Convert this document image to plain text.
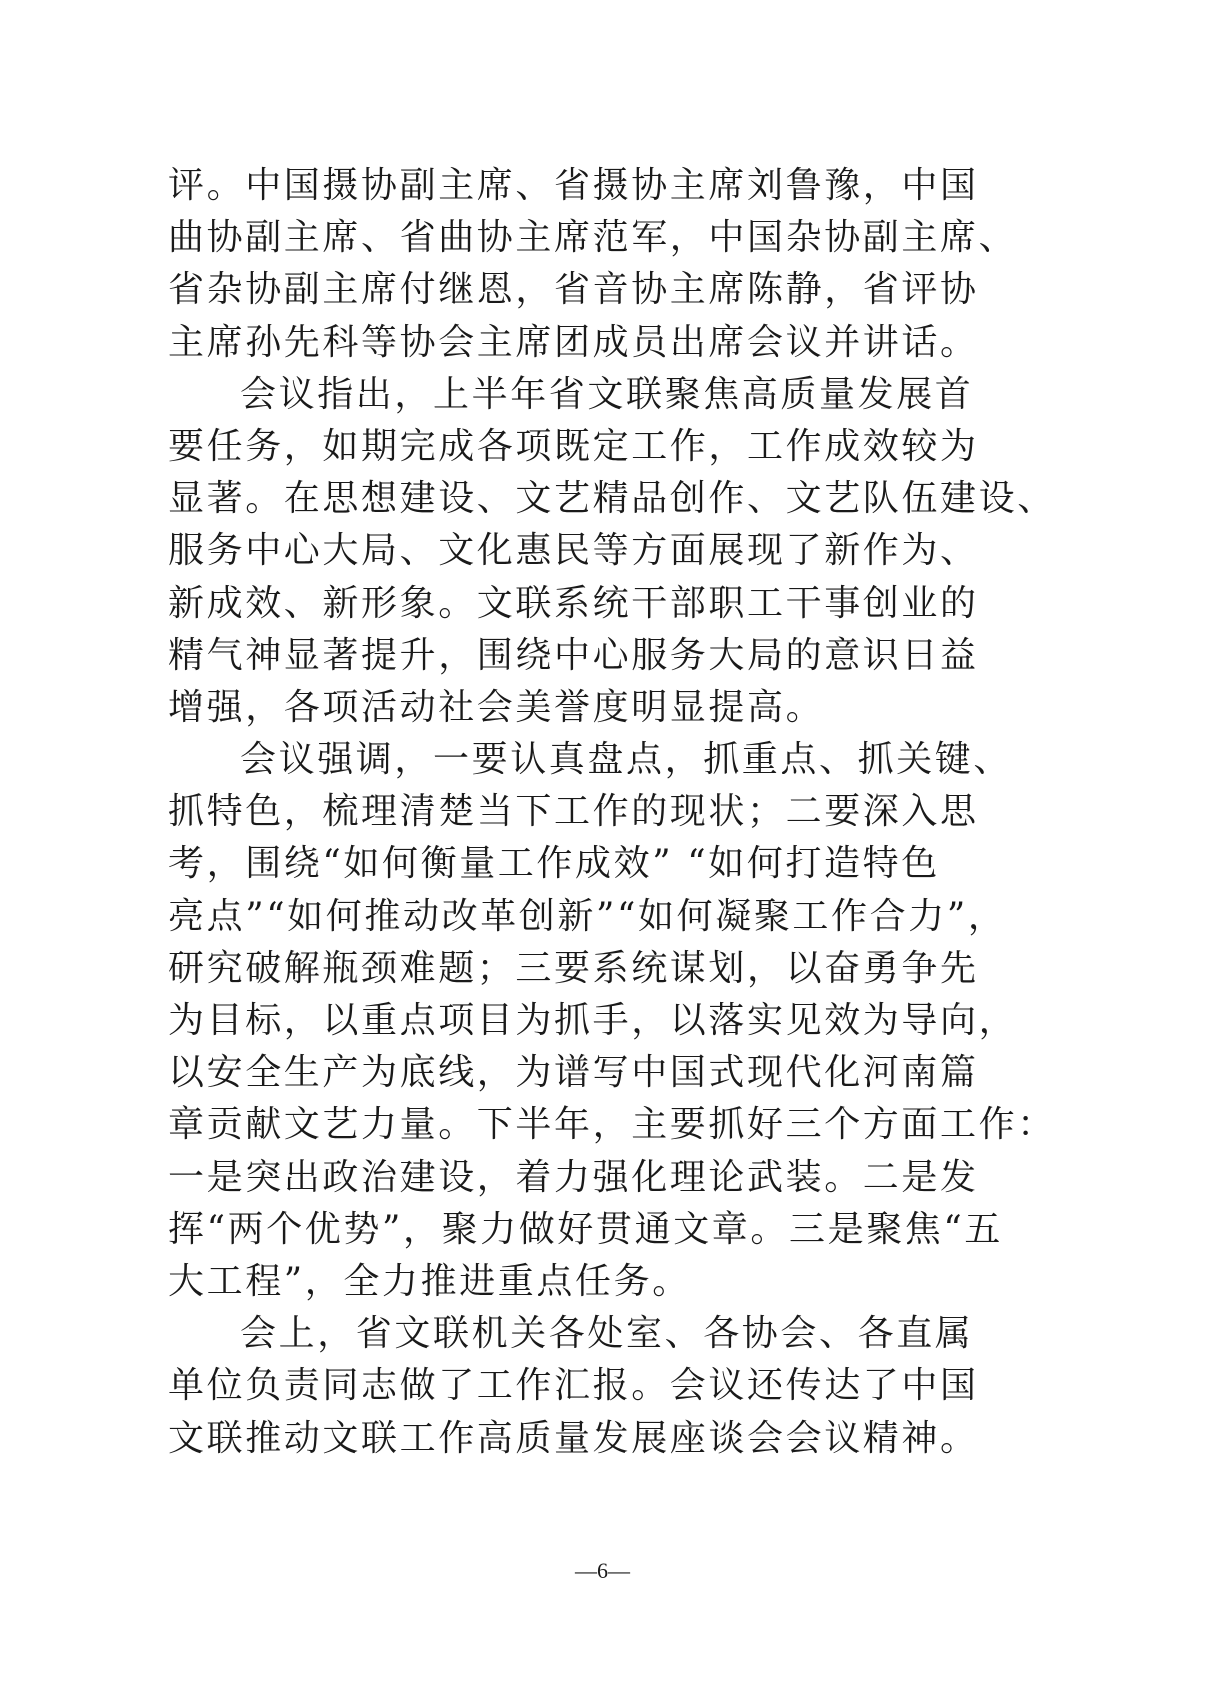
评。中国摄协副主席、省摄协主席刘鲁豫，中国
曲协副主席、省曲协主席范军，中国杂协副主席、
省杂协副主席付继恩，省音协主席陈静，省评协
主席孙先科等协会主席团成员出席会议并讲话。
会议指出，上半年省文联聚焦高质量发展首
要任务，如期完成各项既定工作，工作成效较为
显著。在思想建设、文艺精品创作、文艺队伍建设、
服务中心大局、文化惠民等方面展现了新作为、
新成效、新形象。文联系统干部职工干事创业的
精气神显著提升，围绕中心服务大局的意识日益
增强，各项活动社会美誉度明显提高。
会议强调，一要认真盘点，抓重点、抓关键、
抓特色，梳理清楚当下工作的现状；二要深入思
考，围绕“如何衡量工作成效” “如何打造特色
亮点”“如何推动改革创新”“如何凝聚工作合力”，
研究破解瓶颈难题；三要系统谋划，以奋勇争先
为目标，以重点项目为抓手，以落实见效为导向，
以安全生产为底线，为谱写中国式现代化河南篇
章贡献文艺力量。下半年，主要抓好三个方面工作：
一是突出政治建设，着力强化理论武装。二是发
挥“两个优势”，聚力做好贯通文章。三是聚焦“五
大工程”，全力推进重点任务。
会上，省文联机关各处室、各协会、各直属
单位负责同志做了工作汇报。会议还传达了中国
文联推动文联工作高质量发展座谈会会议精神。
—6—
